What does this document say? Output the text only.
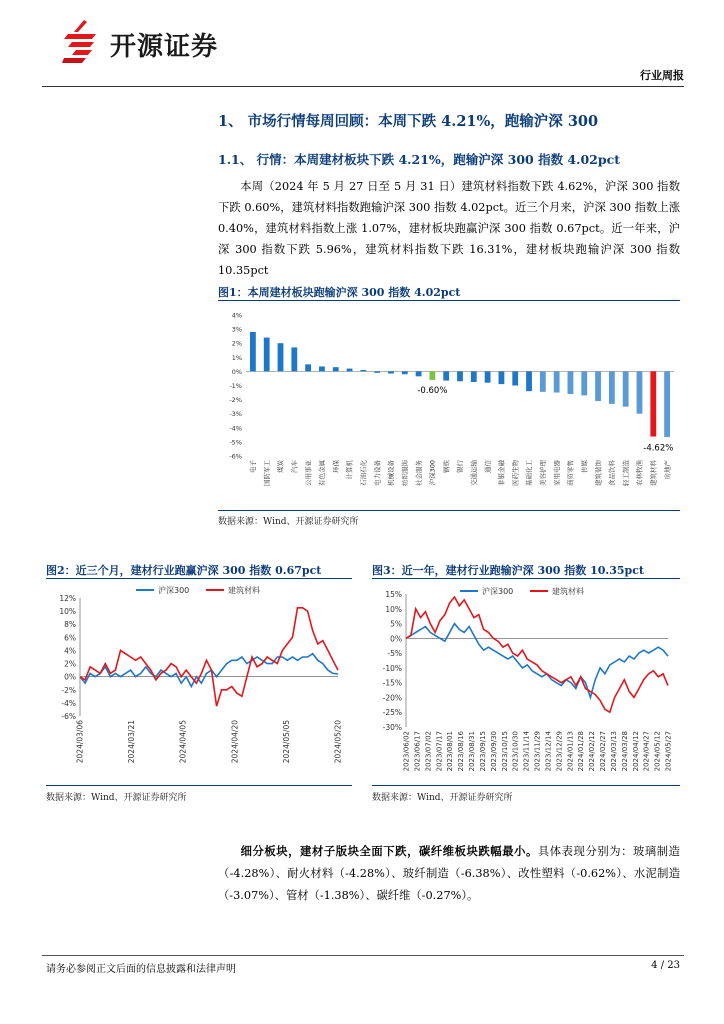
开源证券
行业周报
1、 市场行情每周回顾：本周下跌 4.21%，跑输沪深 300
1.1、 行情：本周建材板块下跌 4.21%，跑输沪深 300 指数 4.02pct
本周（2024 年 5 月 27 日至 5 月 31 日）建筑材料指数下跌 4.62%，沪深 300 指数下跌 0.60%，建筑材料指数跑输沪深 300 指数 4.02pct。近三个月来，沪深 300 指数上涨 0.40%，建筑材料指数上涨 1.07%，建材板块跑赢沪深 300 指数 0.67pct。近一年来，沪深 300 指数下跌 5.96%，建筑材料指数下跌 16.31%，建材板块跑输沪深 300 指数 10.35pct
图1：本周建材板块跑输沪深 300 指数 4.02pct
4%
3%
2%
1%
0%
-1%
-2%
-3%
-4%
-5%
-6%
电子 国防军工 煤炭 汽车 公用事业 有色金属 环保 计算机 石油石化 电力设备 机械设备 纺织服饰 社会服务 沪深300
-0.60%
钢铁 银行 交通运输 通信 非银金融 医药生物 基础化工 美容护理 家用电器 商贸零售 传媒 建筑装饰 食品饮料 轻工制造 农林牧渔 建筑材料
-4.62%
房地产
数据来源：Wind、开源证券研究所
图2：近三个月，建材行业跑赢沪深 300 指数 0.67pct
12%
10%
8%
6%
4%
2%
0%
-2%
-4%
-6%
沪深300	建筑材料
2024/03/06	2024/03/21	2024/04/05	2024/04/20	2024/05/05	2024/05/20
数据来源：Wind、开源证券研究所
图3：近一年，建材行业跑输沪深 300 指数 10.35pct
15%
10%
5%
0%
-5%
-10%
-15%
-20%
-25%
-30%
沪深300	建筑材料
2023/06/02 2023/06/17 2023/07/02 2023/07/17 2023/08/01 2023/08/16 2023/08/31 2023/09/15 2023/09/30 2023/10/15 2023/10/30 2023/11/14 2023/11/29 2023/12/14 2023/12/29 2024/01/13 2024/01/28 2024/02/12 2024/02/27 2024/03/13 2024/03/28 2024/04/12 2024/04/27 2024/05/12 2024/05/27
数据来源：Wind、开源证券研究所
细分板块，建材子版块全面下跌，碳纤维板块跌幅最小。具体表现分别为：玻璃制造（-4.28%）、耐火材料（-4.28%）、玻纤制造（-6.38%）、改性塑料（-0.62%）、水泥制造（-3.07%）、管材（-1.38%）、碳纤维（-0.27%）。
请务必参阅正文后面的信息披露和法律声明	4 / 23
